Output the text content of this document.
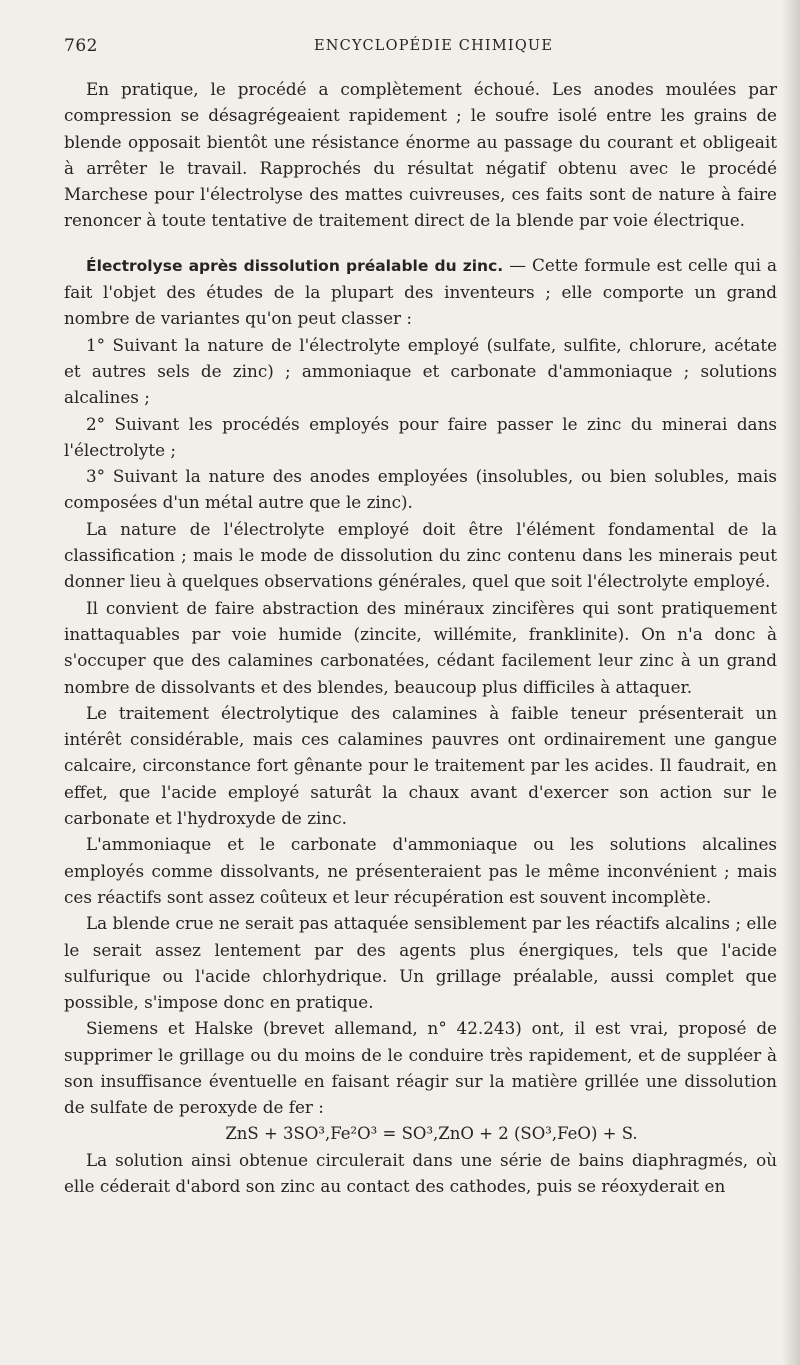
762	ENCYCLOPÉDIE CHIMIQUE

En pratique, le procédé a complètement échoué. Les anodes moulées par compression se désagrégeaient rapidement ; le soufre isolé entre les grains de blende opposait bientôt une résistance énorme au passage du courant et obligeait à arrêter le travail. Rapprochés du résultat négatif obtenu avec le procédé Marchese pour l'électrolyse des mattes cuivreuses, ces faits sont de nature à faire renoncer à toute tentative de traitement direct de la blende par voie électrique.

Électrolyse après dissolution préalable du zinc. — Cette formule est celle qui a fait l'objet des études de la plupart des inventeurs ; elle comporte un grand nombre de variantes qu'on peut classer :

1° Suivant la nature de l'électrolyte employé (sulfate, sulfite, chlorure, acétate et autres sels de zinc) ; ammoniaque et carbonate d'ammoniaque ; solutions alcalines ;

2° Suivant les procédés employés pour faire passer le zinc du minerai dans l'électrolyte ;

3° Suivant la nature des anodes employées (insolubles, ou bien solubles, mais composées d'un métal autre que le zinc).

La nature de l'électrolyte employé doit être l'élément fondamental de la classification ; mais le mode de dissolution du zinc contenu dans les minerais peut donner lieu à quelques observations générales, quel que soit l'électrolyte employé.

Il convient de faire abstraction des minéraux zincifères qui sont pratiquement inattaquables par voie humide (zincite, willémite, franklinite). On n'a donc à s'occuper que des calamines carbonatées, cédant facilement leur zinc à un grand nombre de dissolvants et des blendes, beaucoup plus difficiles à attaquer.

Le traitement électrolytique des calamines à faible teneur présenterait un intérêt considérable, mais ces calamines pauvres ont ordinairement une gangue calcaire, circonstance fort gênante pour le traitement par les acides. Il faudrait, en effet, que l'acide employé saturât la chaux avant d'exercer son action sur le carbonate et l'hydroxyde de zinc.

L'ammoniaque et le carbonate d'ammoniaque ou les solutions alcalines employés comme dissolvants, ne présenteraient pas le même inconvénient ; mais ces réactifs sont assez coûteux et leur récupération est souvent incomplète.

La blende crue ne serait pas attaquée sensiblement par les réactifs alcalins ; elle le serait assez lentement par des agents plus énergiques, tels que l'acide sulfurique ou l'acide chlorhydrique. Un grillage préalable, aussi complet que possible, s'impose donc en pratique.

Siemens et Halske (brevet allemand, n° 42.243) ont, il est vrai, proposé de supprimer le grillage ou du moins de le conduire très rapidement, et de suppléer à son insuffisance éventuelle en faisant réagir sur la matière grillée une dissolution de sulfate de peroxyde de fer :

ZnS + 3SO³,Fe²O³ = SO³,ZnO + 2 (SO³,FeO) + S.

La solution ainsi obtenue circulerait dans une série de bains diaphragmés, où elle céderait d'abord son zinc au contact des cathodes, puis se réoxyderait en
